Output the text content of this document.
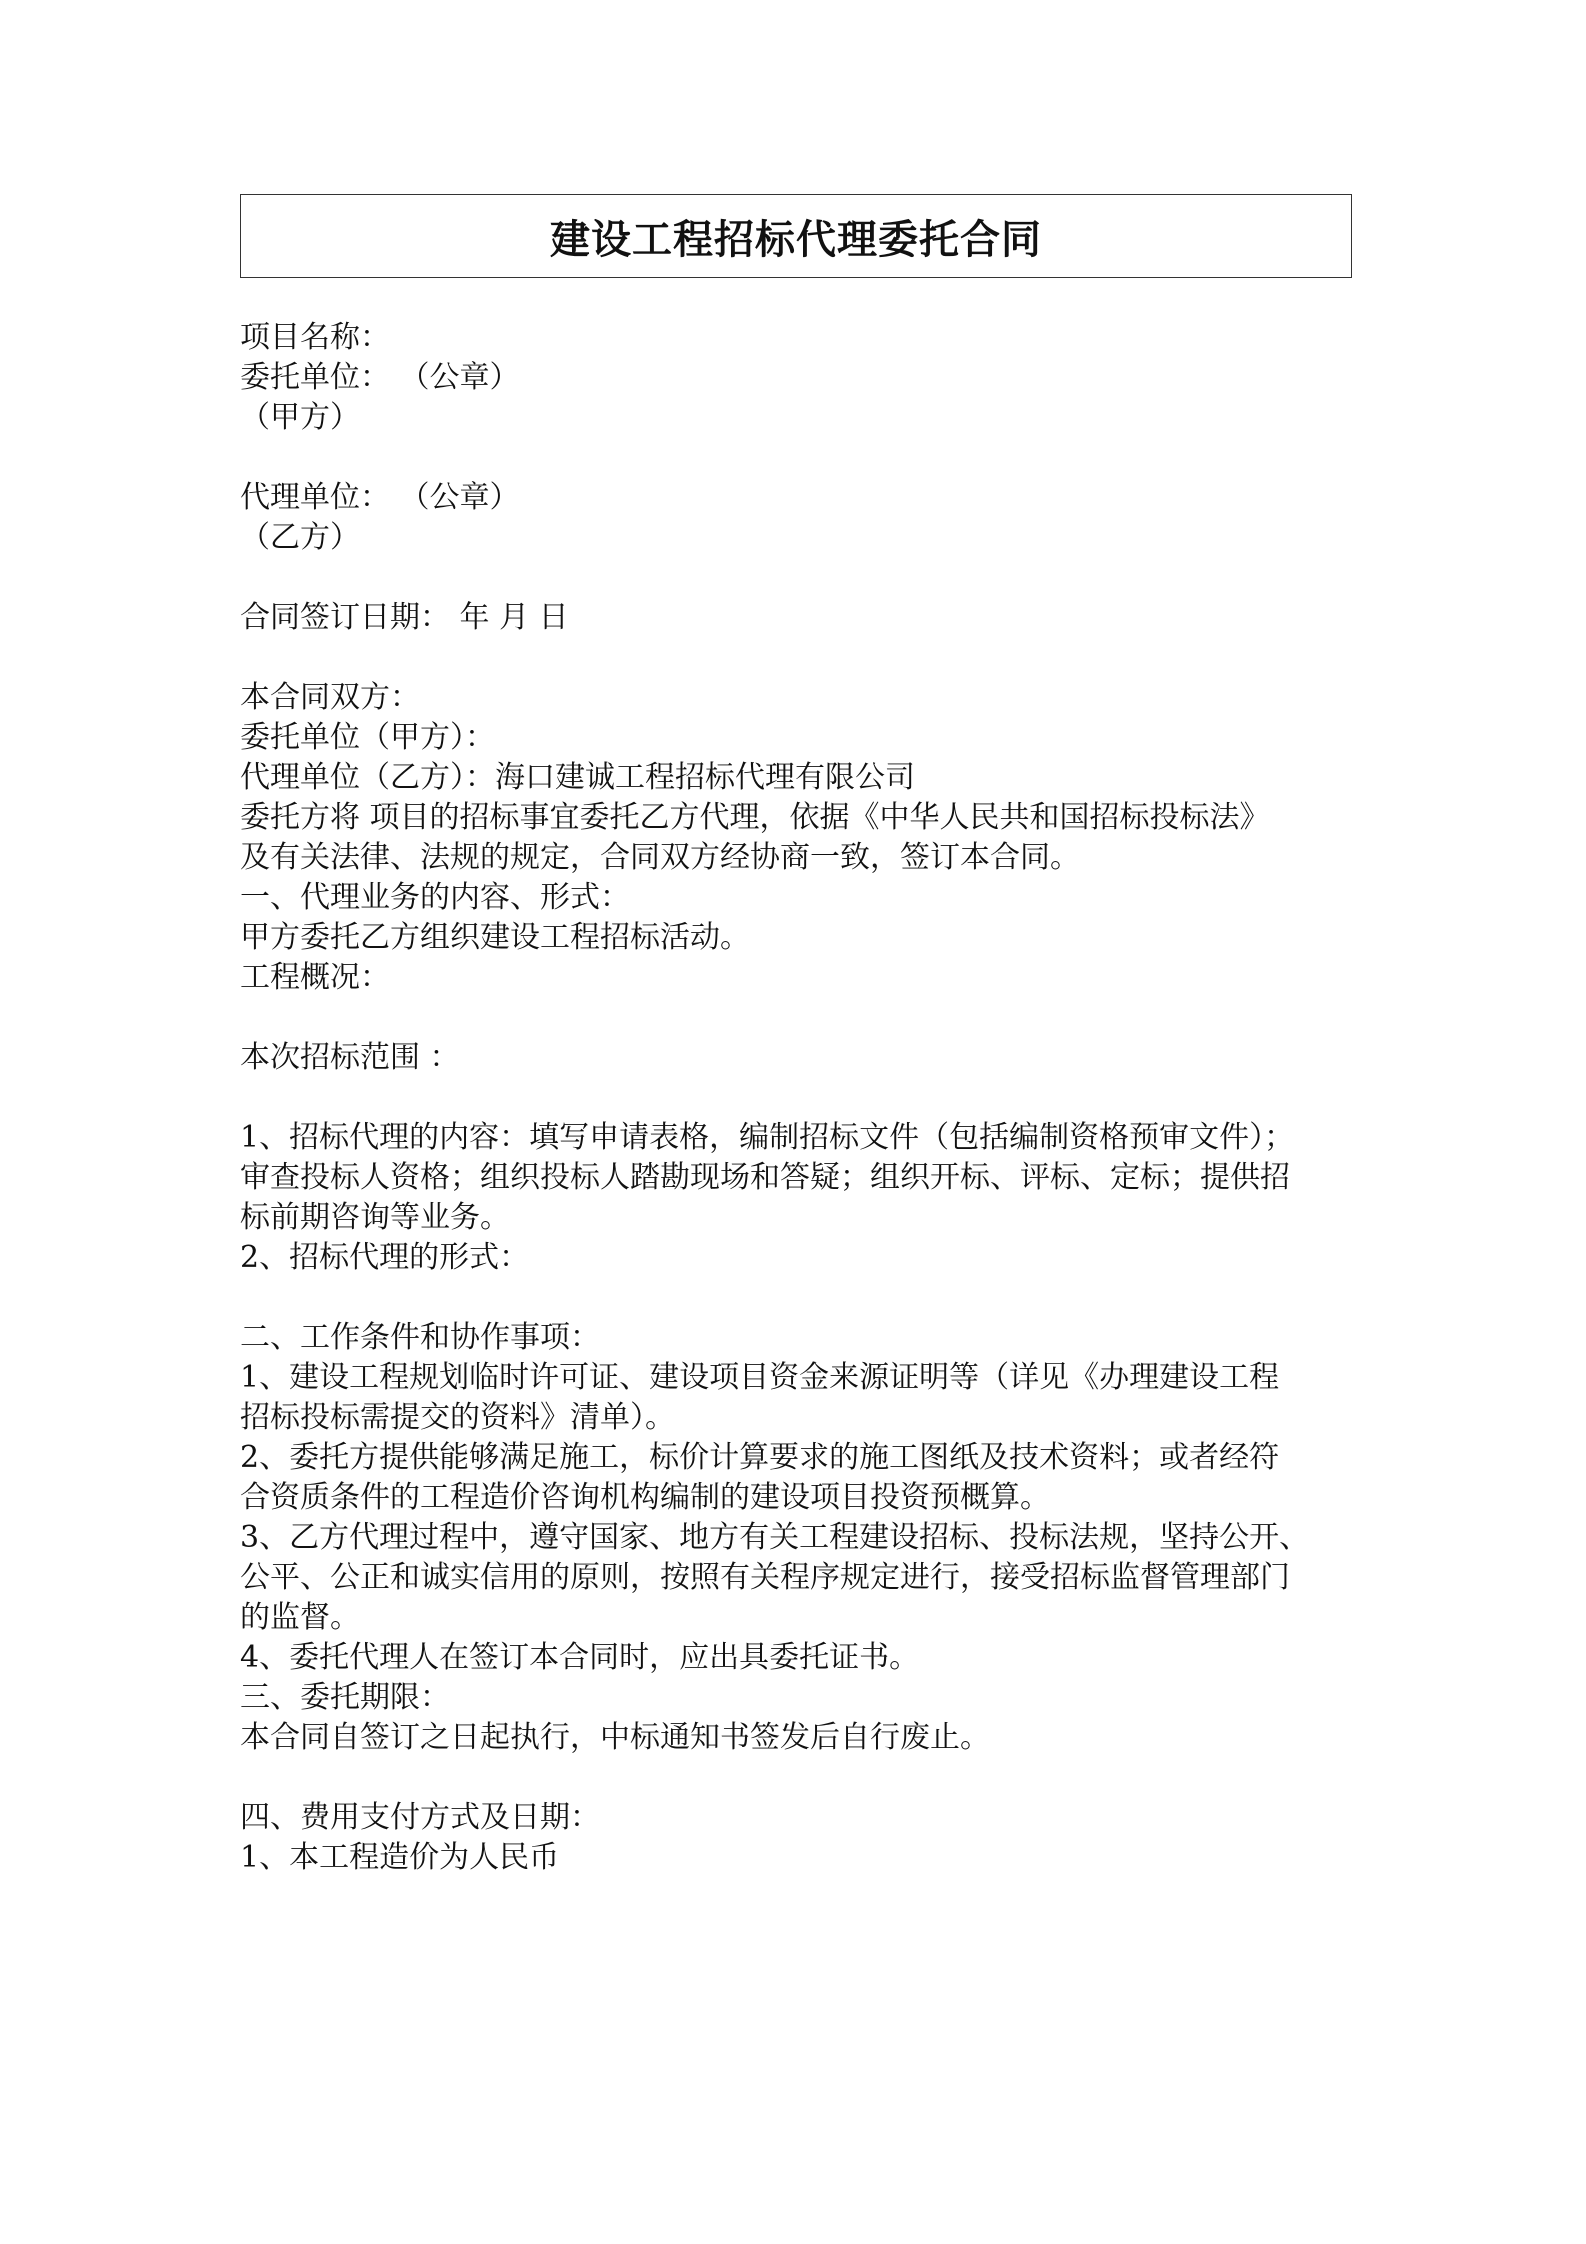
建设工程招标代理委托合同
项目名称：
委托单位： （公章）
（甲方）
代理单位： （公章）
（乙方）
合同签订日期： 年 月 日
本合同双方：
委托单位（甲方）：
代理单位（乙方）：海口建诚工程招标代理有限公司
委托方将 项目的招标事宜委托乙方代理，依据《中华人民共和国招标投标法》
及有关法律、法规的规定，合同双方经协商一致，签订本合同。
一、代理业务的内容、形式：
甲方委托乙方组织建设工程招标活动。
工程概况：
本次招标范围 ：
1、招标代理的内容：填写申请表格，编制招标文件（包括编制资格预审文件）；
审查投标人资格；组织投标人踏勘现场和答疑；组织开标、评标、定标；提供招
标前期咨询等业务。
2、招标代理的形式：
二、工作条件和协作事项：
1、建设工程规划临时许可证、建设项目资金来源证明等（详见《办理建设工程
招标投标需提交的资料》清单）。
2、委托方提供能够满足施工，标价计算要求的施工图纸及技术资料；或者经符
合资质条件的工程造价咨询机构编制的建设项目投资预概算。
3、乙方代理过程中，遵守国家、地方有关工程建设招标、投标法规，坚持公开、
公平、公正和诚实信用的原则，按照有关程序规定进行，接受招标监督管理部门
的监督。
4、委托代理人在签订本合同时，应出具委托证书。
三、委托期限：
本合同自签订之日起执行，中标通知书签发后自行废止。
四、费用支付方式及日期：
1、本工程造价为人民币
